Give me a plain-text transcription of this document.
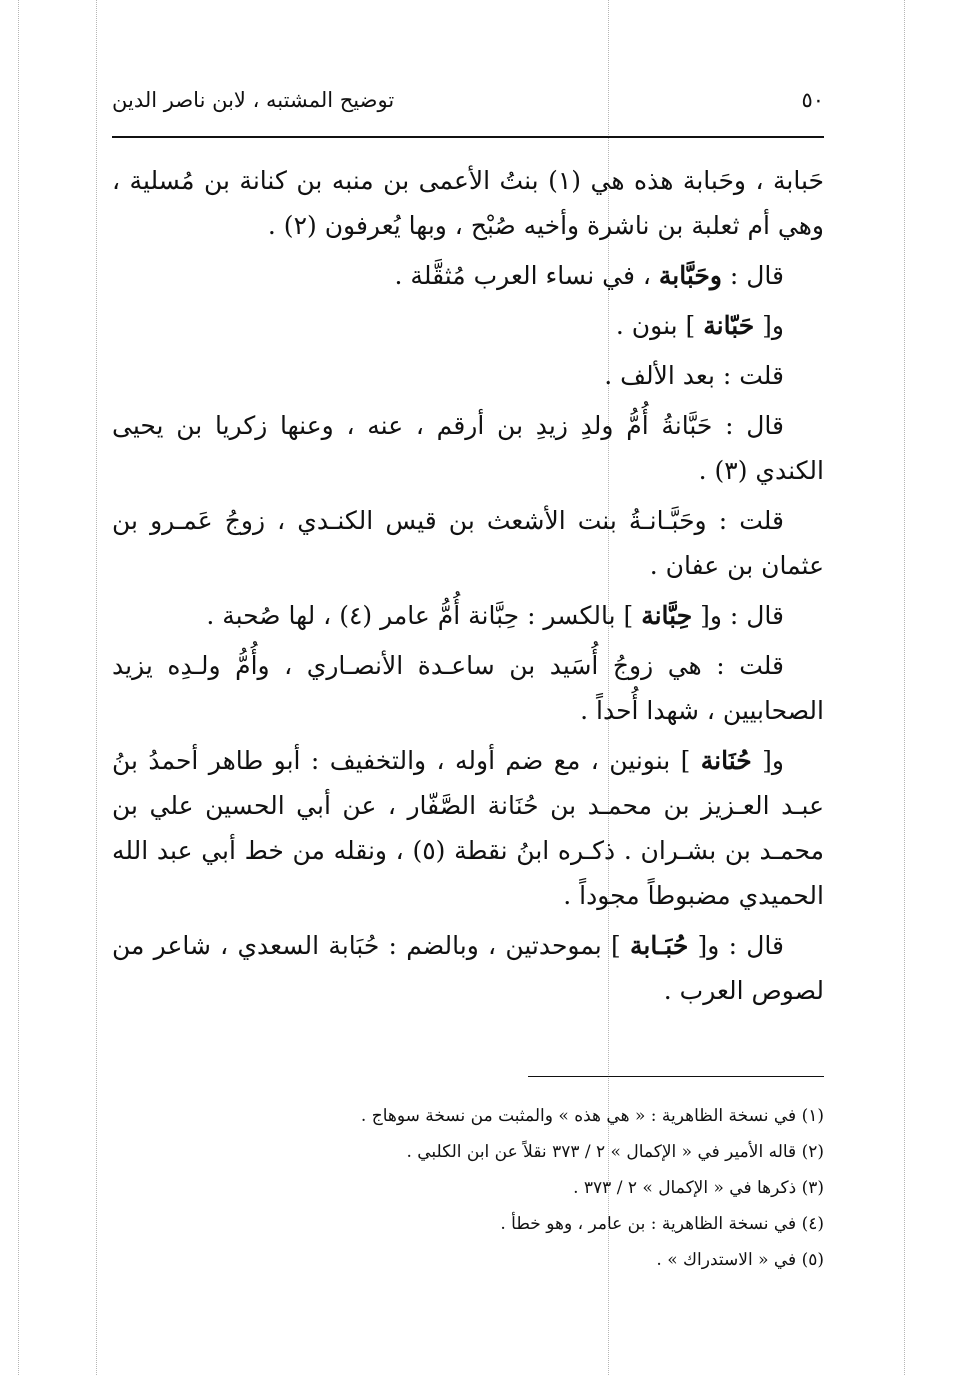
٥٠
توضيح المشتبه ، لابن ناصر الدين

حَبابة ، وحَبابة هذه هي (١) بنتُ الأعمى بن منبه بن كنانة بن مُسلية ، وهي أم ثعلبة بن ناشرة وأخيه صُبْح ، وبها يُعرفون (٢) .

قال : وحَبَّابة ، في نساء العرب مُثقَّلة .

و[ حَبّانة ] بنون .

قلت : بعد الألف .

قال : حَبَّانةُ أُمُّ ولدِ زيدِ بن أرقم ، عنه ، وعنها زكريا بن يحيى الكندي (٣) .

قلت : وحَبَّـانـةُ بنت الأشعث بن قيس الكنـدي ، زوجُ عَمـرو بن عثمان بن عفان .

قال : و[ حِبَّانة ] بالكسر : حِبَّانة أُمُّ عامر (٤) ، لها صُحبة .

قلت : هي زوجُ أُسَيد بن ساعـدة الأنصـاري ، وأُمُّ ولـدِه يزيد الصحابيين ، شهدا أُحداً .

و[ حُنَانة ] بنونين ، مع ضم أوله ، والتخفيف : أبو طاهر أحمدُ بنُ عبـد العـزيز بن محمـد بن حُنَانة الصَّفّار ، عن أبي الحسين علي بن محمـد بن بشـران . ذكـره ابنُ نقطة (٥) ، ونقله من خط أبي عبد الله الحميدي مضبوطاً مجوداً .

قال : و[ حُبَـابة ] بموحدتين ، وبالضم : حُبَابة السعدي ، شاعر من لصوص العرب .

(١) في نسخة الظاهرية : « هي هذه » والمثبت من نسخة سوهاج .
(٢) قاله الأمير في « الإكمال » ٢ / ٣٧٣ نقلاً عن ابن الكلبي .
(٣) ذكرها في « الإكمال » ٢ / ٣٧٣ .
(٤) في نسخة الظاهرية : بن عامر ، وهو خطأ .
(٥) في « الاستدراك » .
